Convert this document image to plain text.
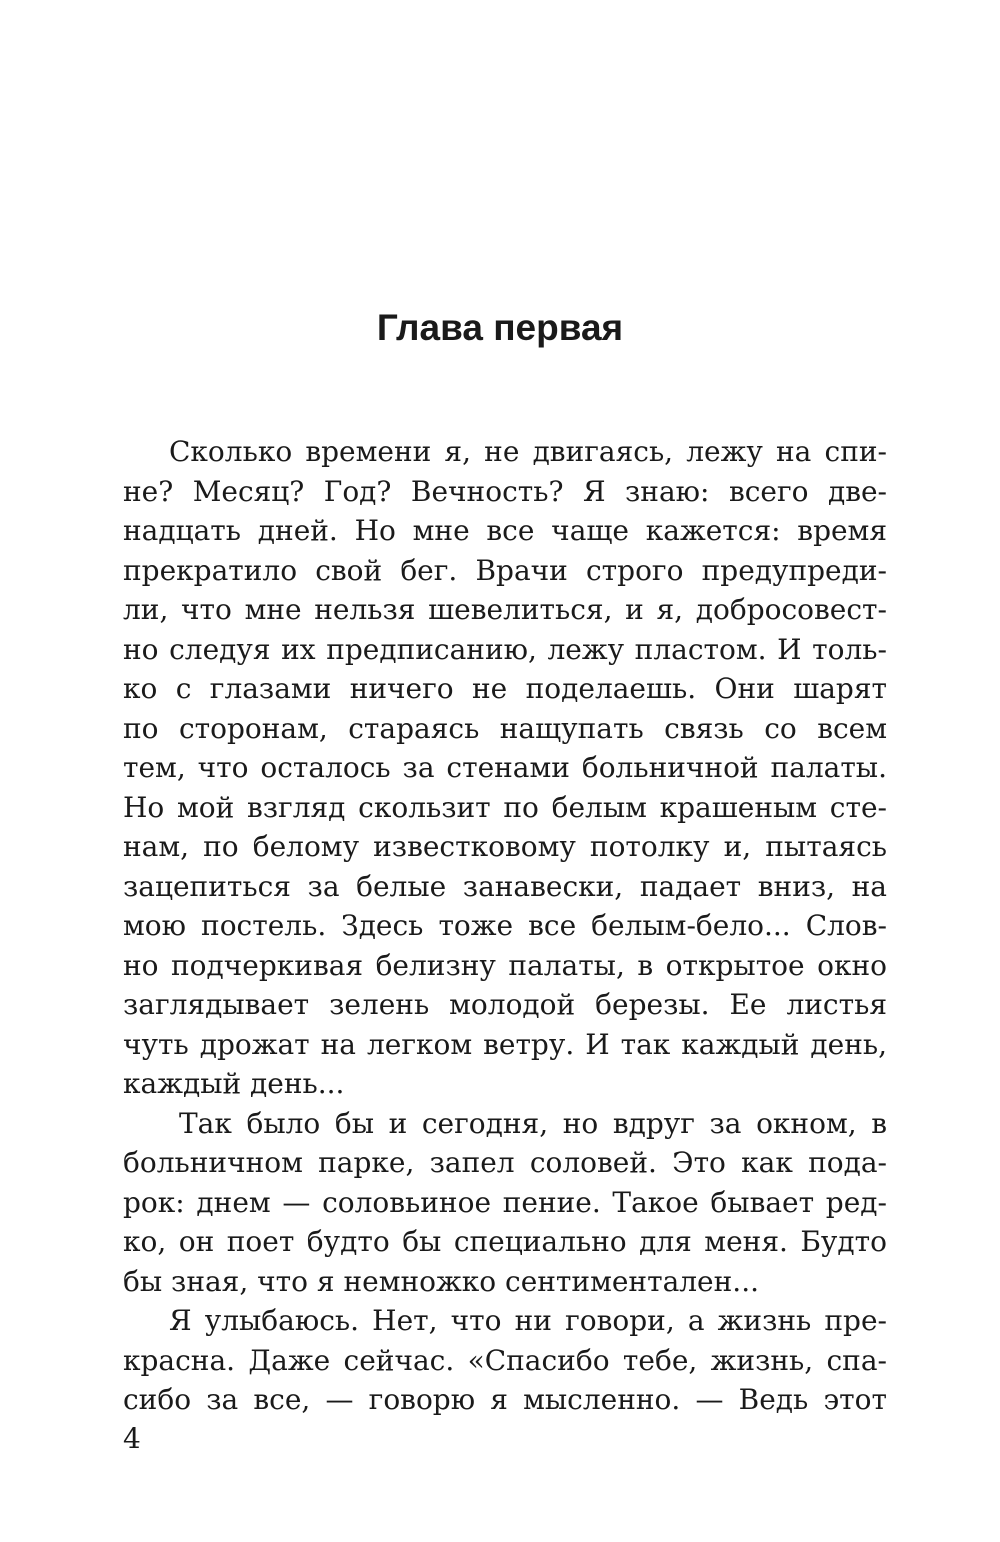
Глава первая
Сколько времени я, не двигаясь, лежу на спи-
не? Месяц? Год? Вечность? Я знаю: всего две-
надцать дней. Но мне все чаще кажется: время
прекратило свой бег. Врачи строго предупреди-
ли, что мне нельзя шевелиться, и я, добросовест-
но следуя их предписанию, лежу пластом. И толь-
ко с глазами ничего не поделаешь. Они шарят
по сторонам, стараясь нащупать связь со всем
тем, что осталось за стенами больничной палаты.
Но мой взгляд скользит по белым крашеным сте-
нам, по белому известковому потолку и, пытаясь
зацепиться за белые занавески, падает вниз, на
мою постель. Здесь тоже все белым-бело... Слов-
но подчеркивая белизну палаты, в открытое окно
заглядывает зелень молодой березы. Ее листья
чуть дрожат на легком ветру. И так каждый день,
каждый день...
Так было бы и сегодня, но вдруг за окном, в
больничном парке, запел соловей. Это как пода-
рок: днем — соловьиное пение. Такое бывает ред-
ко, он поет будто бы специально для меня. Будто
бы зная, что я немножко сентиментален...
Я улыбаюсь. Нет, что ни говори, а жизнь пре-
красна. Даже сейчас. «Спасибо тебе, жизнь, спа-
сибо за все, — говорю я мысленно. — Ведь этот
4
